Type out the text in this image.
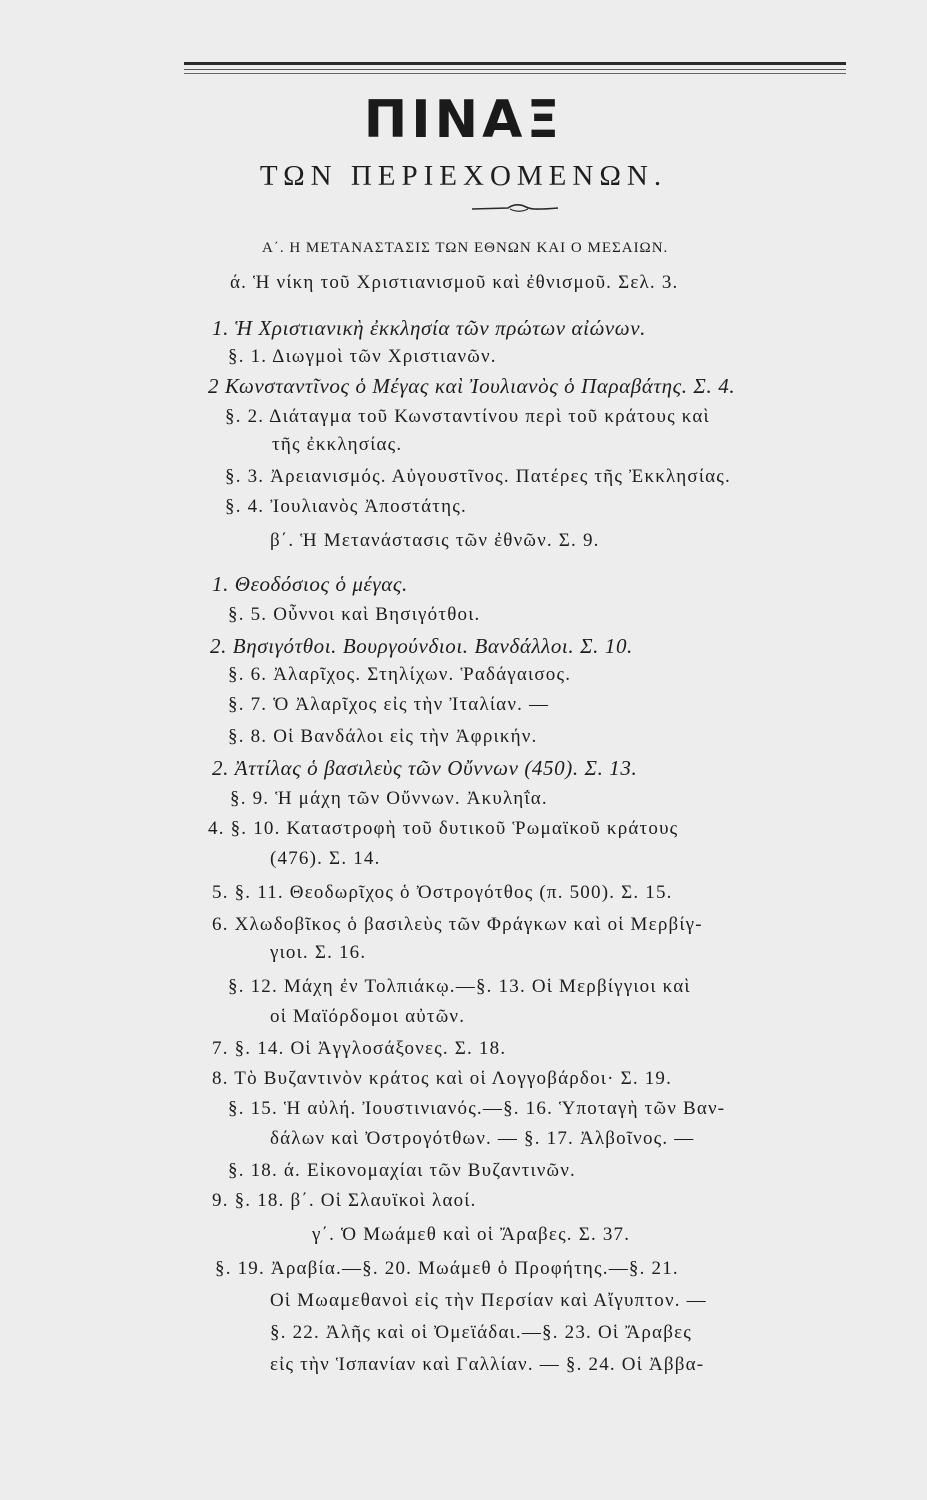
ΠΙΝΑΞ
ΤΩΝ ΠΕΡΙΕΧΟΜΕΝΩΝ.
Α΄. Η ΜΕΤΑΝΑΣΤΑΣΙΣ ΤΩΝ ΕΘΝΩΝ ΚΑΙ Ο ΜΕΣΑΙΩΝ.
ά. Ἡ νίκη τοῦ Χριστιανισμοῦ καὶ ἐθνισμοῦ. Σελ. 3.
1. Ἡ Χριστιανικὴ ἐκκλησία τῶν πρώτων αἰώνων.
§. 1. Διωγμοὶ τῶν Χριστιανῶν.
2 Κωνσταντῖνος ὁ Μέγας καὶ Ἰουλιανὸς ὁ Παραβάτης. Σ. 4.
§. 2. Διάταγμα τοῦ Κωνσταντίνου περὶ τοῦ κράτους καὶ
τῆς ἐκκλησίας.
§. 3. Ἀρειανισμός. Αὐγουστῖνος. Πατέρες τῆς Ἐκκλησίας.
§. 4. Ἰουλιανὸς Ἀποστάτης.
β΄. Ἡ Μετανάστασις τῶν ἐθνῶν. Σ. 9.
1. Θεοδόσιος ὁ μέγας.
§. 5. Οὖννοι καὶ Βησιγότθοι.
2. Βησιγότθοι. Βουργούνδιοι. Βανδάλλοι. Σ. 10.
§. 6. Ἀλαρῖχος. Στηλίχων. Ῥαδάγαισος.
§. 7. Ὁ Ἀλαρῖχος εἰς τὴν Ἰταλίαν. —
§. 8. Οἱ Βανδάλοι εἰς τὴν Ἀφρικήν.
2. Ἀττίλας ὁ βασιλεὺς τῶν Οὔννων (450). Σ. 13.
§. 9. Ἡ μάχη τῶν Οὔννων. Ἀκυληΐα.
4. §. 10. Καταστροφὴ τοῦ δυτικοῦ Ῥωμαϊκοῦ κράτους
(476). Σ. 14.
5. §. 11. Θεοδωρῖχος ὁ Ὀστρογότθος (π. 500). Σ. 15.
6. Χλωδοβῖκος ὁ βασιλεὺς τῶν Φράγκων καὶ οἱ Μερβίγ-
γιοι. Σ. 16.
§. 12. Μάχη ἐν Τολπιάκῳ.—§. 13. Οἱ Μερβίγγιοι καὶ
οἱ Μαϊόρδομοι αὐτῶν.
7. §. 14. Οἱ Ἀγγλοσάξονες. Σ. 18.
8. Τὸ Βυζαντινὸν κράτος καὶ οἱ Λογγοβάρδοι· Σ. 19.
§. 15. Ἡ αὐλή. Ἰουστινιανός.—§. 16. Ὑποταγὴ τῶν Βαν-
δάλων καὶ Ὀστρογότθων. — §. 17. Ἀλβοῖνος. —
§. 18. ά. Εἰκονομαχίαι τῶν Βυζαντινῶν.
9. §. 18. β΄. Οἱ Σλαυϊκοὶ λαοί.
γ΄. Ὁ Μωάμεθ καὶ οἱ Ἄραβες. Σ. 37.
§. 19. Ἀραβία.—§. 20. Μωάμεθ ὁ Προφήτης.—§. 21.
Οἱ Μωαμεθανοὶ εἰς τὴν Περσίαν καὶ Αἴγυπτον. —
§. 22. Ἀλῆς καὶ οἱ Ὀμεϊάδαι.—§. 23. Οἱ Ἄραβες
εἰς τὴν Ἱσπανίαν καὶ Γαλλίαν. — §. 24. Οἱ Ἀββα-
